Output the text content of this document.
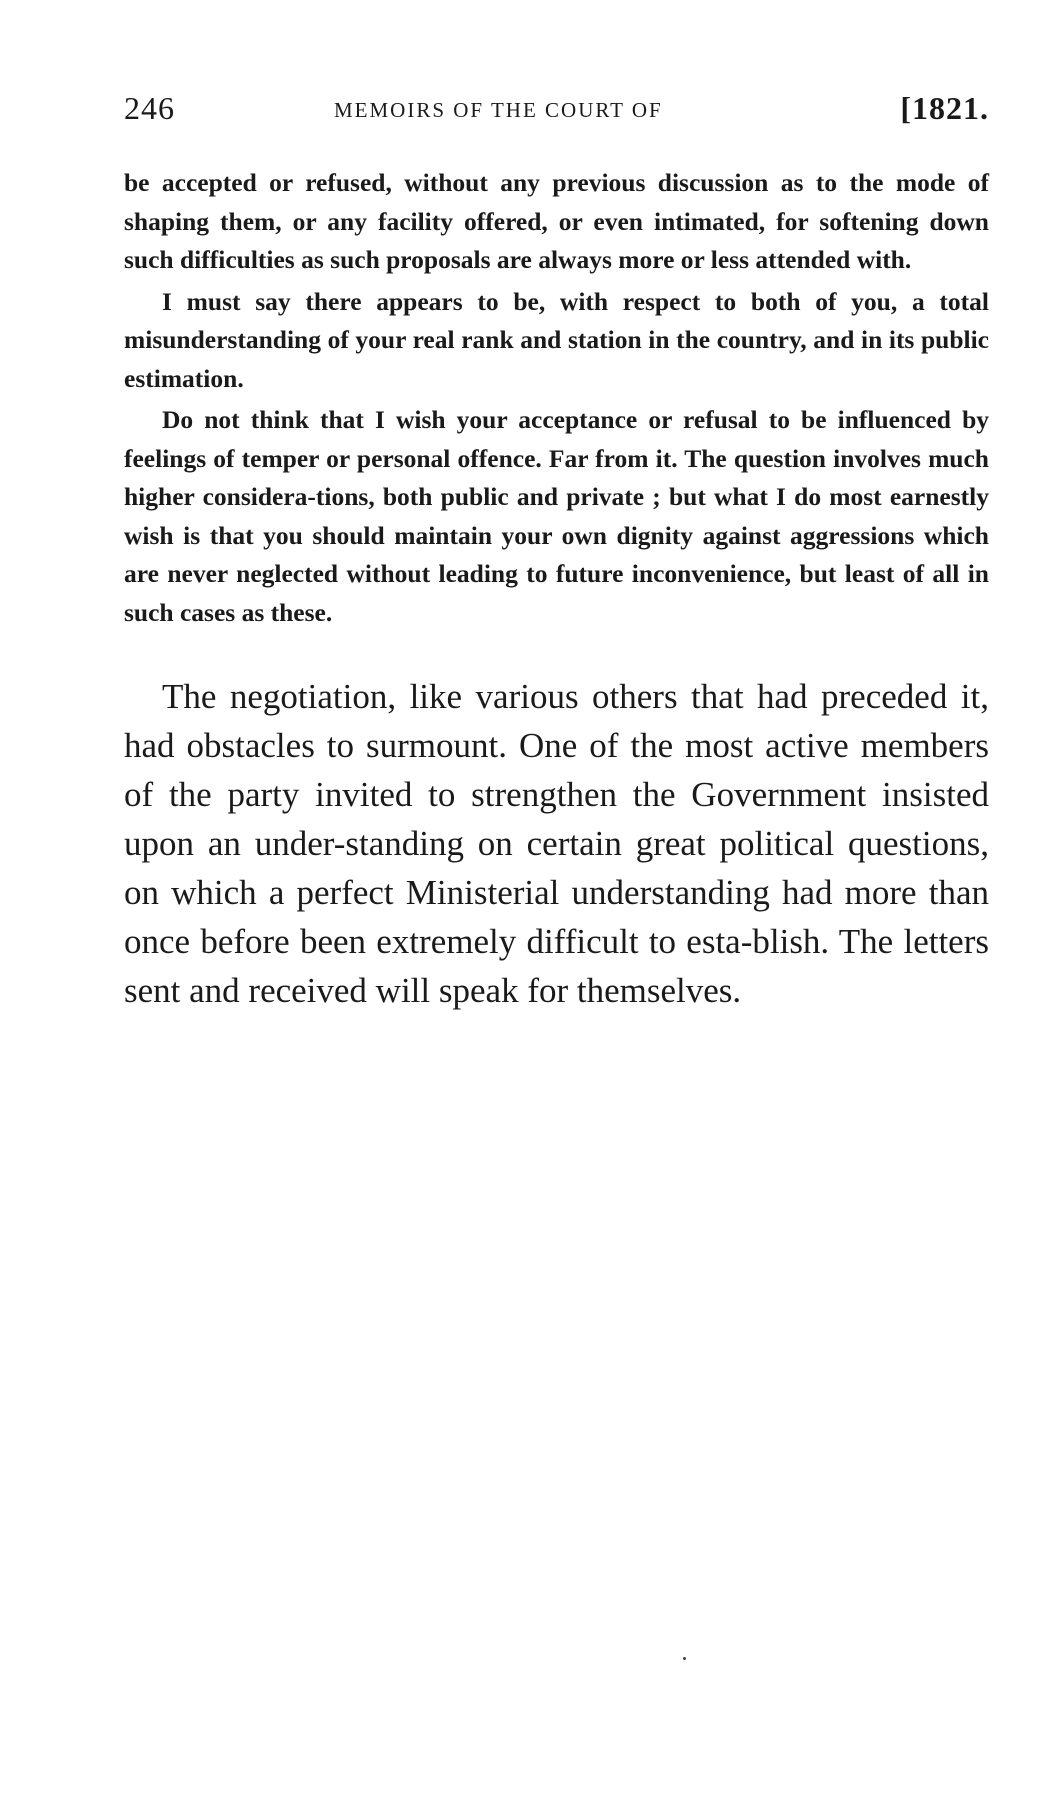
246	MEMOIRS OF THE COURT OF	[1821.

be accepted or refused, without any previous discussion as to the mode of shaping them, or any facility offered, or even intimated, for softening down such difficulties as such proposals are always more or less attended with.

I must say there appears to be, with respect to both of you, a total misunderstanding of your real rank and station in the country, and in its public estimation.

Do not think that I wish your acceptance or refusal to be influenced by feelings of temper or personal offence. Far from it. The question involves much higher considera-tions, both public and private ; but what I do most earnestly wish is that you should maintain your own dignity against aggressions which are never neglected without leading to future inconvenience, but least of all in such cases as these.

The negotiation, like various others that had preceded it, had obstacles to surmount. One of the most active members of the party invited to strengthen the Government insisted upon an under-standing on certain great political questions, on which a perfect Ministerial understanding had more than once before been extremely difficult to esta-blish. The letters sent and received will speak for themselves.
